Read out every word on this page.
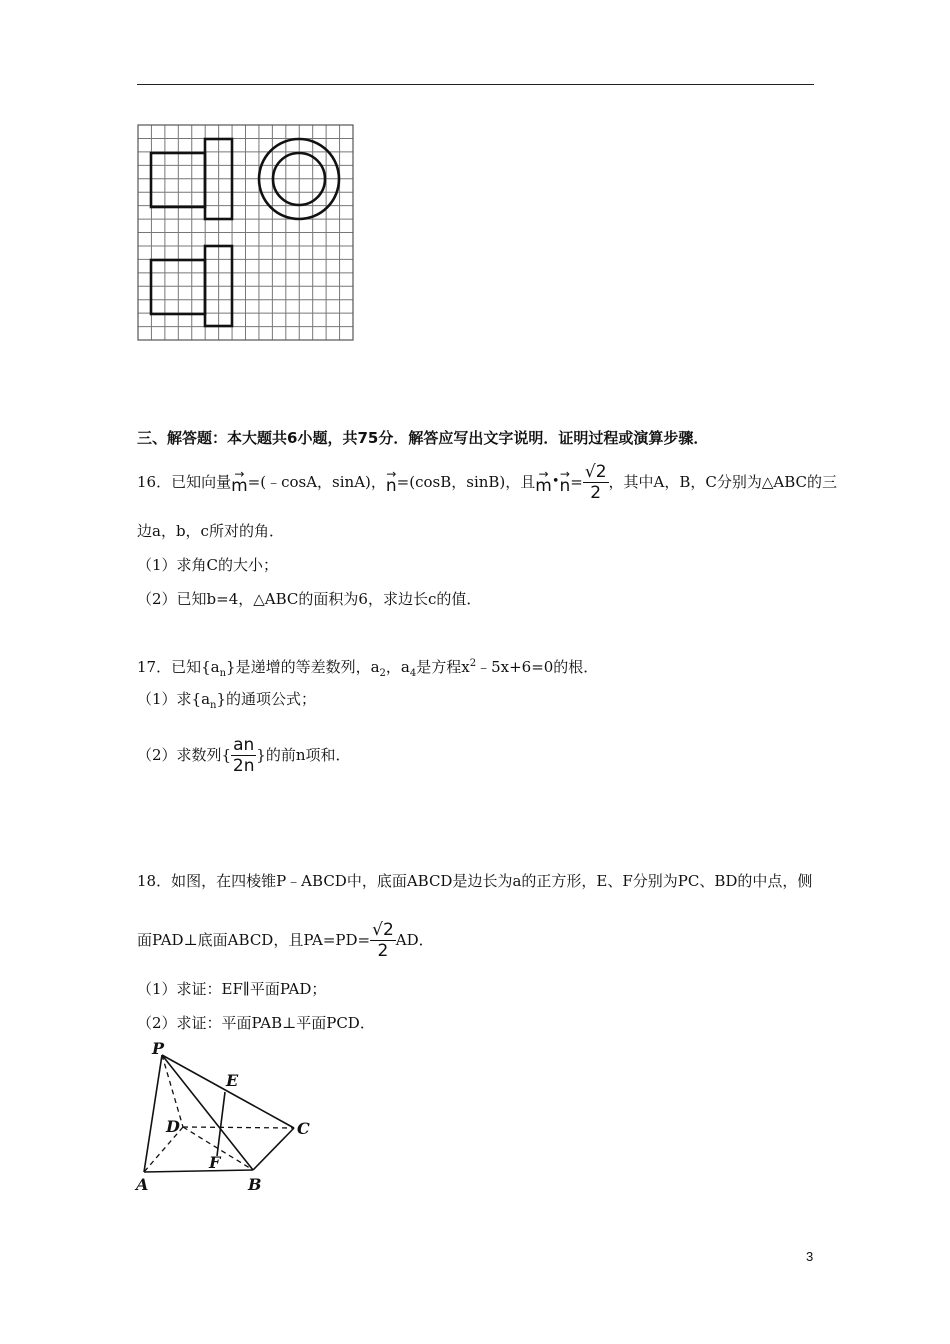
三、解答题：本大题共6小题，共75分．解答应写出文字说明．证明过程或演算步骤．
16．已知向量 → m =(﹣cosA，sinA)， → n =(cosB，sinB)，且 → m • → $n = \frac{√2}{2}$ ，其中A，B，C分别为△ABC的三
边a，b，c所对的角．
（1）求角C的大小；
（2）已知b=4，△ABC的面积为6，求边长c的值．
17．已知$\{a_n\}$是递增的等差数列，$a_2$，$a_4$是方程$x^2﹣5x+6=0$的根．
（1）求$\{a_n\}$的通项公式；
（2）求数列{ $\frac{an}{2n}$ }的前n项和．
18．如图，在四棱锥P﹣ABCD中，底面ABCD是边长为a的正方形，E、F分别为PC、BD的中点，侧
面PAD⊥底面ABCD，且$PA=PD= \frac{√2}{2}$ AD．
（1）求证：EF∥平面PAD；
（2）求证：平面PAB⊥平面PCD．
P
E
D	C
F
A	B
3
